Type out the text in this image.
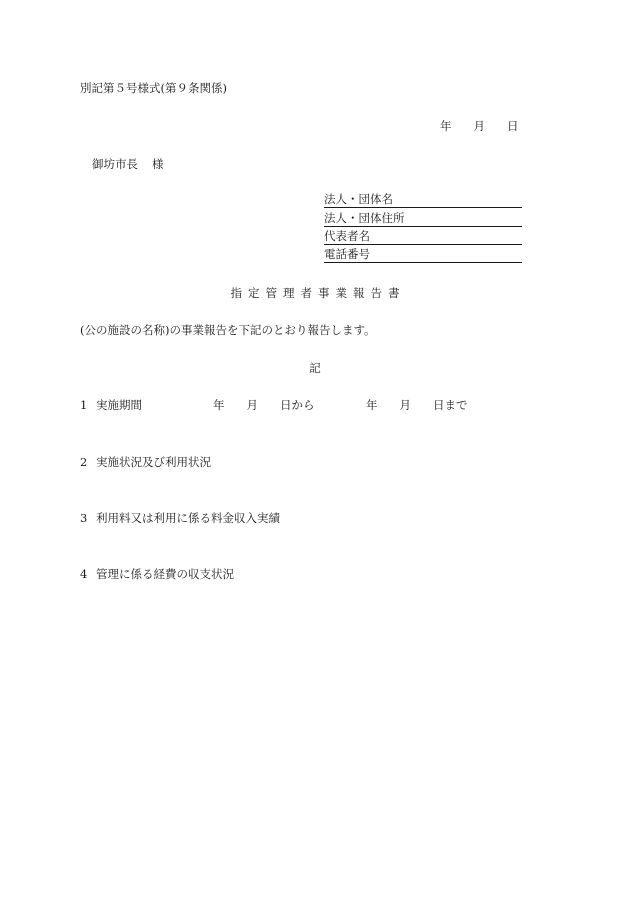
別記第５号様式(第９条関係)
年 月 日
御坊市長 様
法人・団体名
法人・団体住所
代表者名
電話番号
指定管理者事業報告書
(公の施設の名称)の事業報告を下記のとおり報告します。
記
1 実施期間	年 月 日から	年 月 日まで
2 実施状況及び利用状況
3 利用料又は利用に係る料金収入実績
4 管理に係る経費の収支状況
